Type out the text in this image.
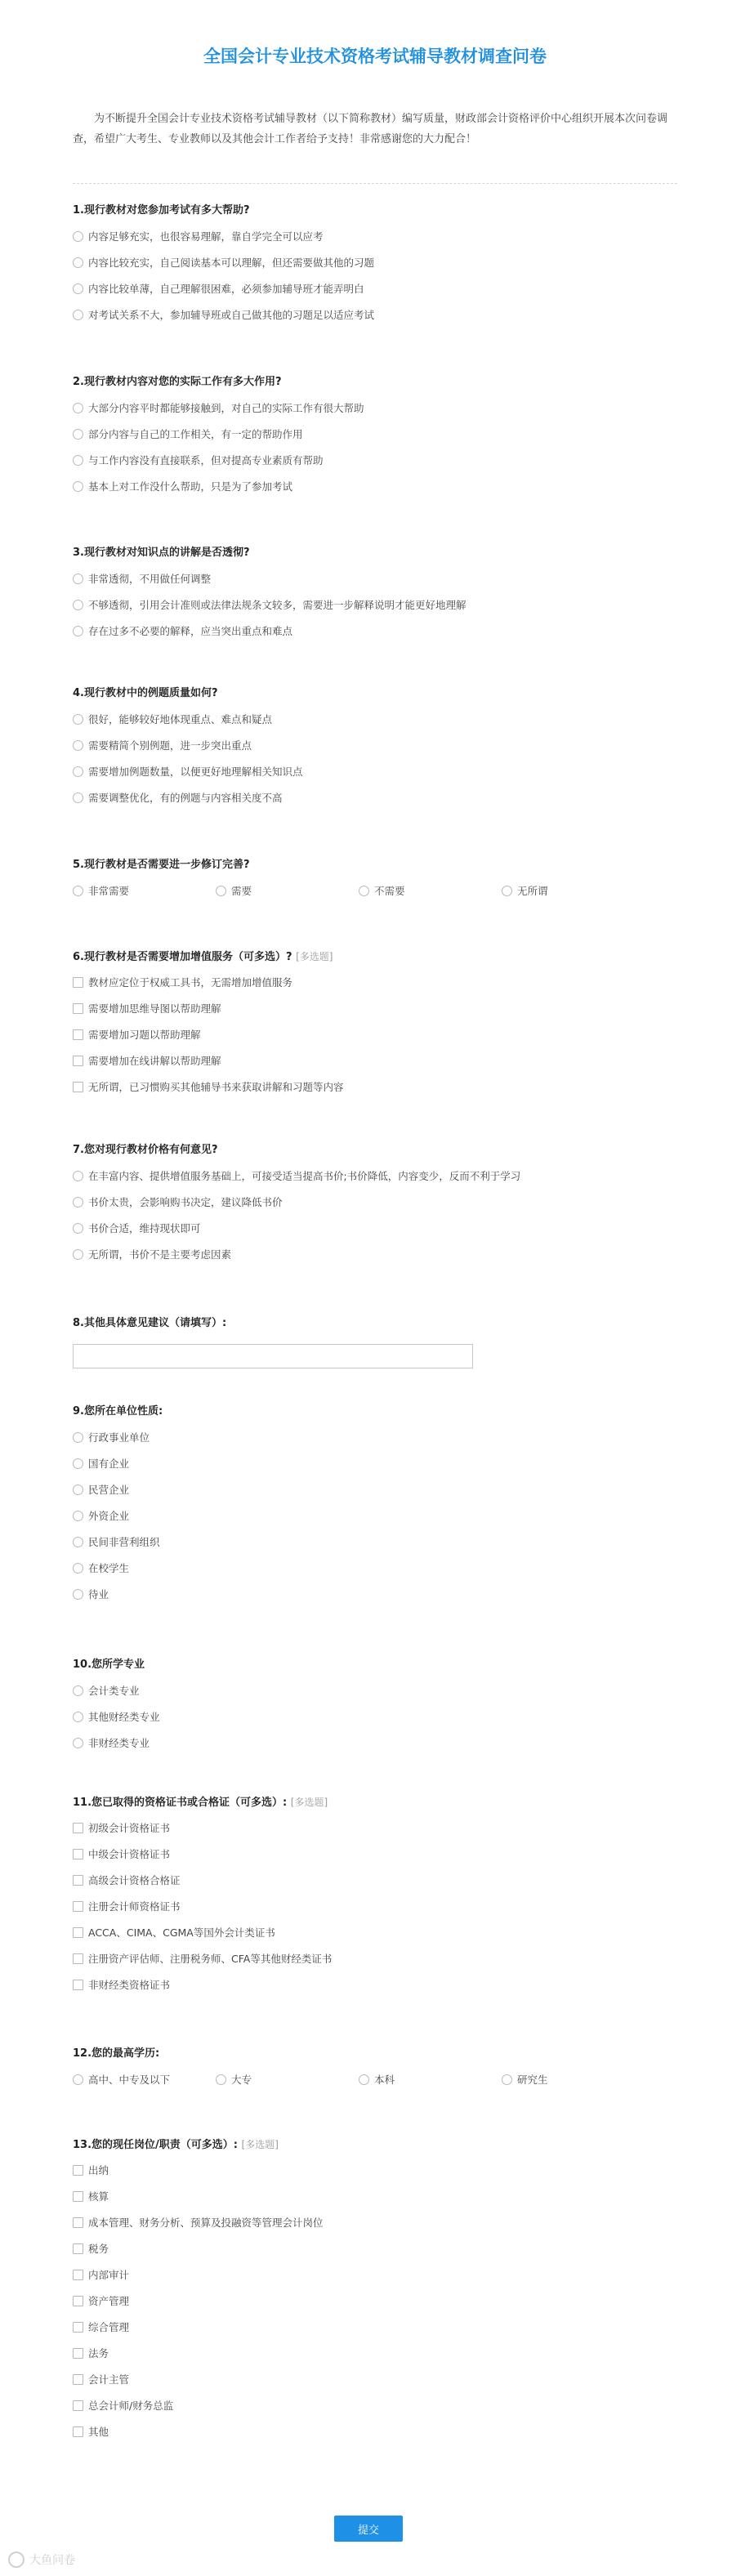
全国会计专业技术资格考试辅导教材调查问卷

为不断提升全国会计专业技术资格考试辅导教材（以下简称教材）编写质量，财政部会计资格评价中心组织开展本次问卷调查，希望广大考生、专业教师以及其他会计工作者给予支持！非常感谢您的大力配合！

1.现行教材对您参加考试有多大帮助?
内容足够充实，也很容易理解，靠自学完全可以应考
内容比较充实，自己阅读基本可以理解，但还需要做其他的习题
内容比较单薄，自己理解很困难，必须参加辅导班才能弄明白
对考试关系不大，参加辅导班或自己做其他的习题足以适应考试
2.现行教材内容对您的实际工作有多大作用?
大部分内容平时都能够接触到，对自己的实际工作有很大帮助
部分内容与自己的工作相关，有一定的帮助作用
与工作内容没有直接联系，但对提高专业素质有帮助
基本上对工作没什么帮助，只是为了参加考试
3.现行教材对知识点的讲解是否透彻?
非常透彻，不用做任何调整
不够透彻，引用会计准则或法律法规条文较多，需要进一步解释说明才能更好地理解
存在过多不必要的解释，应当突出重点和难点
4.现行教材中的例题质量如何?
很好，能够较好地体现重点、难点和疑点
需要精简个别例题，进一步突出重点
需要增加例题数量，以便更好地理解相关知识点
需要调整优化，有的例题与内容相关度不高
5.现行教材是否需要进一步修订完善?
非常需要	需要	不需要	无所谓
6.现行教材是否需要增加增值服务（可多选）? [多选题]
教材应定位于权威工具书，无需增加增值服务
需要增加思维导图以帮助理解
需要增加习题以帮助理解
需要增加在线讲解以帮助理解
无所谓，已习惯购买其他辅导书来获取讲解和习题等内容
7.您对现行教材价格有何意见?
在丰富内容、提供增值服务基础上，可接受适当提高书价;书价降低，内容变少，反而不利于学习
书价太贵，会影响购书决定，建议降低书价
书价合适，维持现状即可
无所谓，书价不是主要考虑因素
8.其他具体意见建议（请填写）:
9.您所在单位性质:
行政事业单位
国有企业
民营企业
外资企业
民间非营利组织
在校学生
待业
10.您所学专业
会计类专业
其他财经类专业
非财经类专业
11.您已取得的资格证书或合格证（可多选）: [多选题]
初级会计资格证书
中级会计资格证书
高级会计资格合格证
注册会计师资格证书
ACCA、CIMA、CGMA等国外会计类证书
注册资产评估师、注册税务师、CFA等其他财经类证书
非财经类资格证书
12.您的最高学历:
高中、中专及以下	大专	本科	研究生
13.您的现任岗位/职责（可多选）: [多选题]
出纳
核算
成本管理、财务分析、预算及投融资等管理会计岗位
税务
内部审计
资产管理
综合管理
法务
会计主管
总会计师/财务总监
其他
提交
大鱼问卷
